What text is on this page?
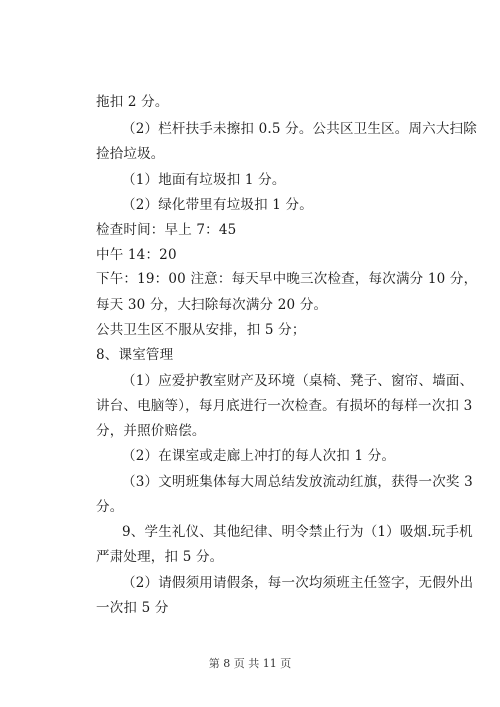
拖扣 2 分。
（2）栏杆扶手未擦扣 0.5 分。公共区卫生区。周六大扫除
捡拾垃圾。
（1）地面有垃圾扣 1 分。
（2）绿化带里有垃圾扣 1 分。
检查时间：早上 7：45
中午 14：20
下午：19：00 注意：每天早中晚三次检查，每次满分 10 分，
每天 30 分，大扫除每次满分 20 分。
公共卫生区不服从安排，扣 5 分；
8、课室管理
（1）应爱护教室财产及环境（桌椅、凳子、窗帘、墙面、
讲台、电脑等），每月底进行一次检查。有损坏的每样一次扣 3
分，并照价赔偿。
（2）在课室或走廊上冲打的每人次扣 1 分。
（3）文明班集体每大周总结发放流动红旗，获得一次奖 3
分。
9、学生礼仪、其他纪律、明令禁止行为（1）吸烟.玩手机
严肃处理，扣 5 分。
（2）请假须用请假条，每一次均须班主任签字，无假外出
一次扣 5 分
第 8 页 共 11 页
